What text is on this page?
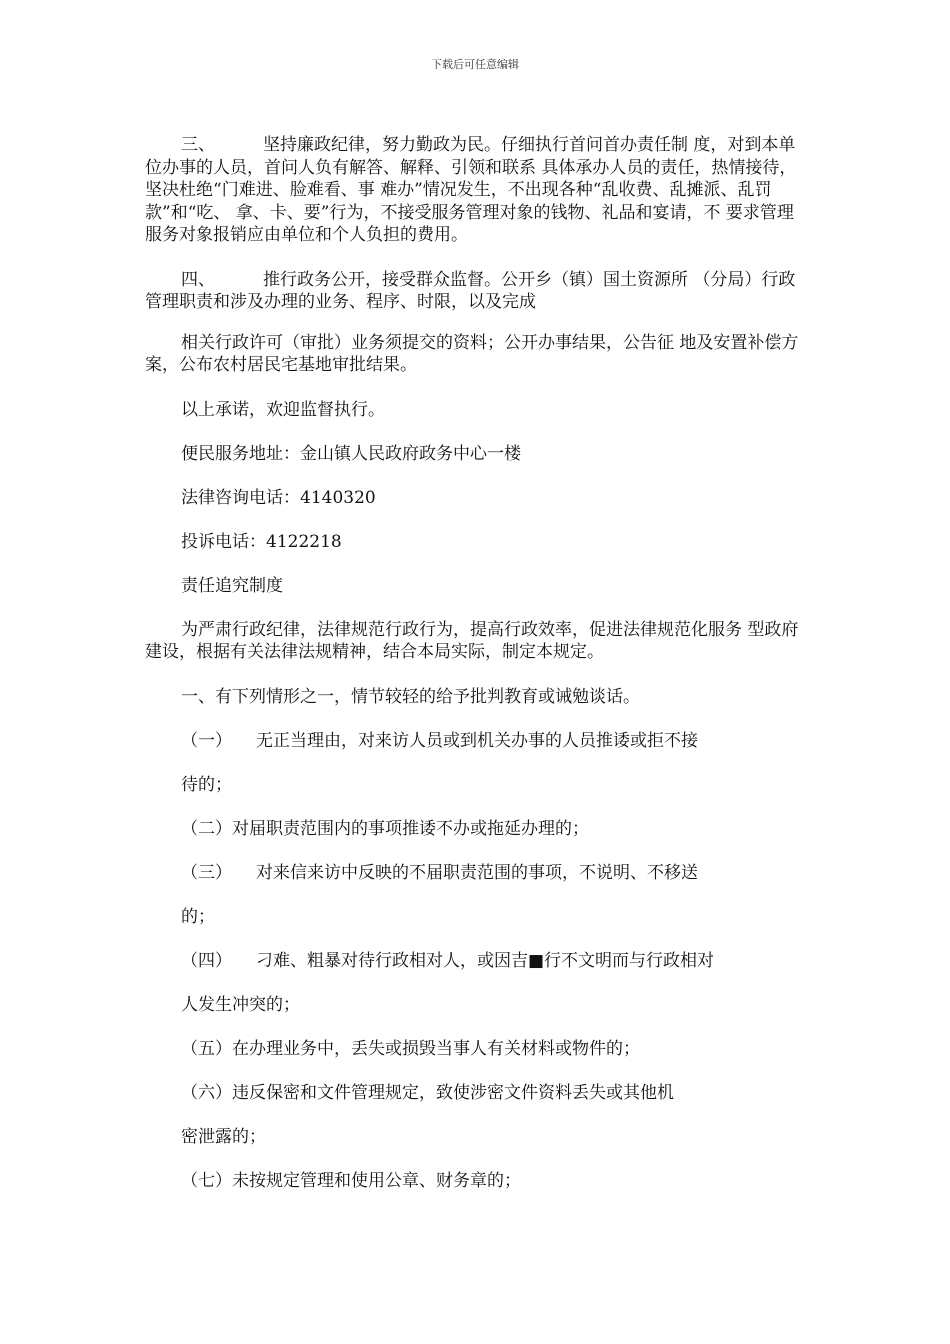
下载后可任意编辑

三、	坚持廉政纪律，努力勤政为民。仔细执行首问首办责任制 度，对到本单位办事的人员，首问人负有解答、解释、引领和联系 具体承办人员的责任，热情接待，坚决杜绝“门难进、脸难看、事 难办”情况发生，不出现各种“乱收费、乱摊派、乱罚款”和“吃、 拿、卡、要”行为，不接受服务管理对象的钱物、礼品和宴请，不 要求管理服务对象报销应由单位和个人负担的费用。

四、	推行政务公开，接受群众监督。公开乡（镇）国土资源所 （分局）行政管理职责和涉及办理的业务、程序、时限，以及完成

相关行政许可（审批）业务须提交的资料；公开办事结果，公告征 地及安置补偿方案，公布农村居民宅基地审批结果。

以上承诺，欢迎监督执行。

便民服务地址：金山镇人民政府政务中心一楼

法律咨询电话：4140320

投诉电话：4122218

责任追究制度

为严肃行政纪律，法律规范行政行为，提高行政效率，促进法律规范化服务 型政府建设，根据有关法律法规精神，结合本局实际，制定本规定。

一、有下列情形之一，情节较轻的给予批判教育或诫勉谈话。

（一） 无正当理由，对来访人员或到机关办事的人员推诿或拒不接

待的；

（二）对届职责范围内的事项推诿不办或拖延办理的；

（三） 对来信来访中反映的不届职责范围的事项，不说明、不移送

的；

（四） 刁难、粗暴对待行政相对人，或因吉■行不文明而与行政相对

人发生冲突的；

（五）在办理业务中，丢失或损毁当事人有关材料或物件的；

（六）违反保密和文件管理规定，致使涉密文件资料丢失或其他机

密泄露的；

（七）未按规定管理和使用公章、财务章的；
